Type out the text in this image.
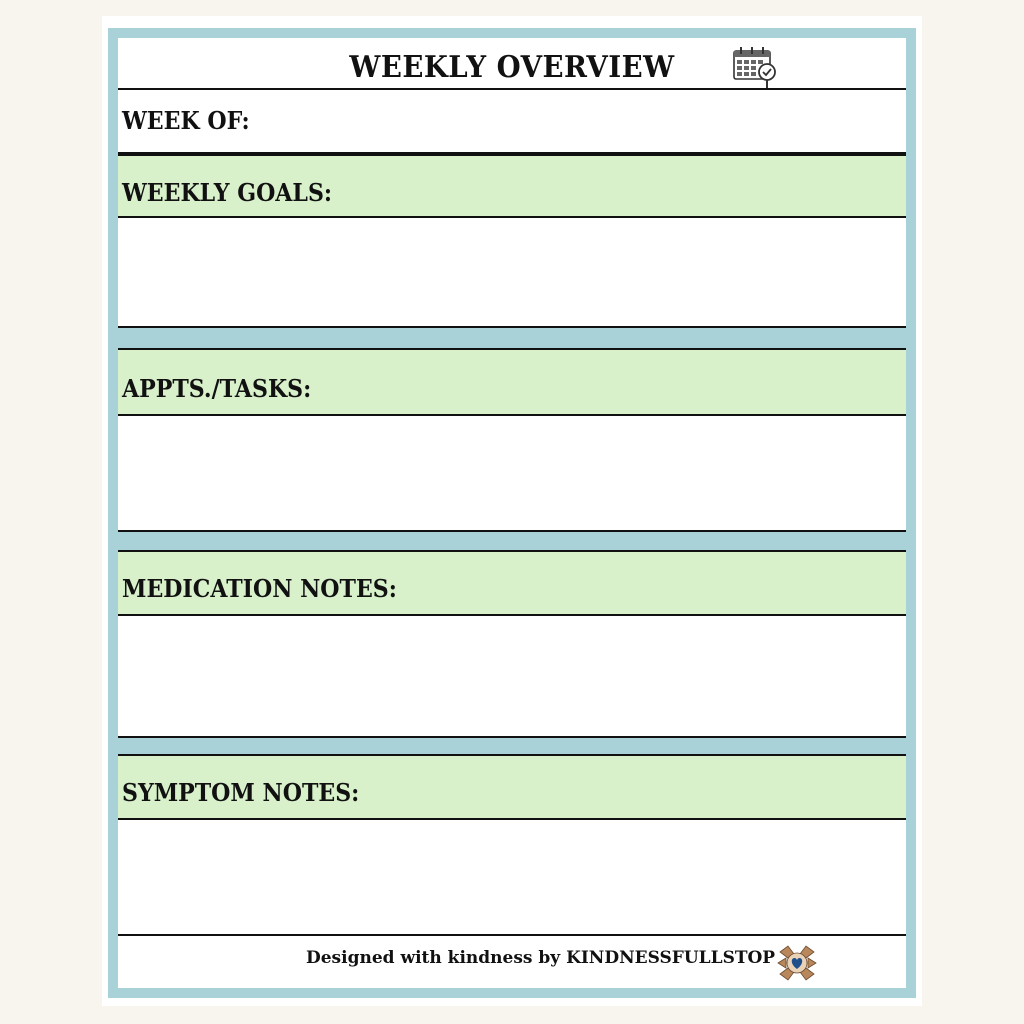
WEEKLY OVERVIEW
WEEK OF:
WEEKLY GOALS:
APPTS./TASKS:
MEDICATION NOTES:
SYMPTOM NOTES:
Designed with kindness by KINDNESSFULLSTOP
